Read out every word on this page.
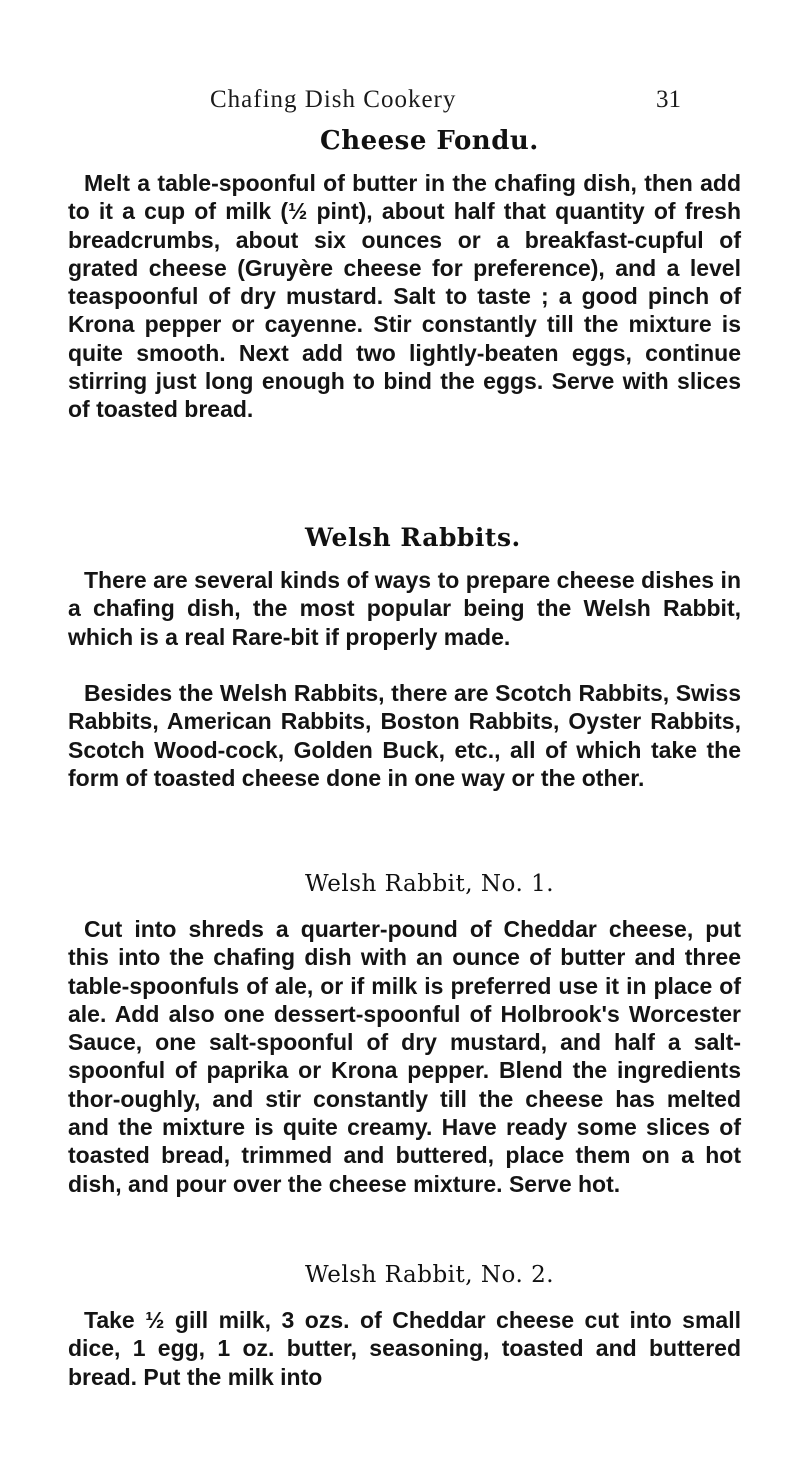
Chafing Dish Cookery	31
Cheese Fondu.

Melt a table-spoonful of butter in the chafing dish, then add to it a cup of milk (½ pint), about half that quantity of fresh breadcrumbs, about six ounces or a breakfast-cupful of grated cheese (Gruyère cheese for preference), and a level teaspoonful of dry mustard. Salt to taste ; a good pinch of Krona pepper or cayenne. Stir constantly till the mixture is quite smooth. Next add two lightly-beaten eggs, continue stirring just long enough to bind the eggs. Serve with slices of toasted bread.

Welsh Rabbits.

There are several kinds of ways to prepare cheese dishes in a chafing dish, the most popular being the Welsh Rabbit, which is a real Rare-bit if properly made.

Besides the Welsh Rabbits, there are Scotch Rabbits, Swiss Rabbits, American Rabbits, Boston Rabbits, Oyster Rabbits, Scotch Wood-cock, Golden Buck, etc., all of which take the form of toasted cheese done in one way or the other.

Welsh Rabbit, No. 1.

Cut into shreds a quarter-pound of Cheddar cheese, put this into the chafing dish with an ounce of butter and three table-spoonfuls of ale, or if milk is preferred use it in place of ale. Add also one dessert-spoonful of Holbrook's Worcester Sauce, one salt-spoonful of dry mustard, and half a salt-spoonful of paprika or Krona pepper. Blend the ingredients thor-oughly, and stir constantly till the cheese has melted and the mixture is quite creamy. Have ready some slices of toasted bread, trimmed and buttered, place them on a hot dish, and pour over the cheese mixture. Serve hot.

Welsh Rabbit, No. 2.

Take ½ gill milk, 3 ozs. of Cheddar cheese cut into small dice, 1 egg, 1 oz. butter, seasoning, toasted and buttered bread. Put the milk into
